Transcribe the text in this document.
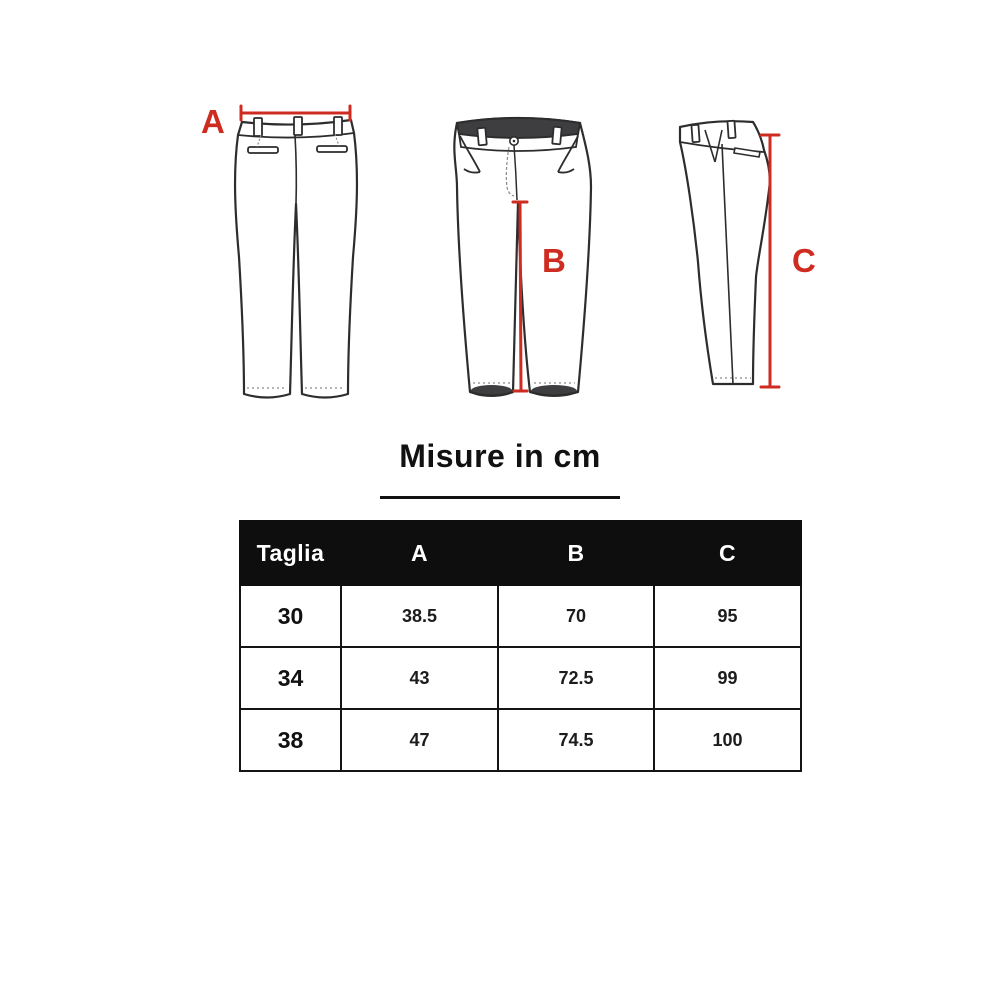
A
B	C
Misure in cm
Taglia	A	B	C
30	38.5	70	95
34	43	72.5	99
38	47	74.5	100
